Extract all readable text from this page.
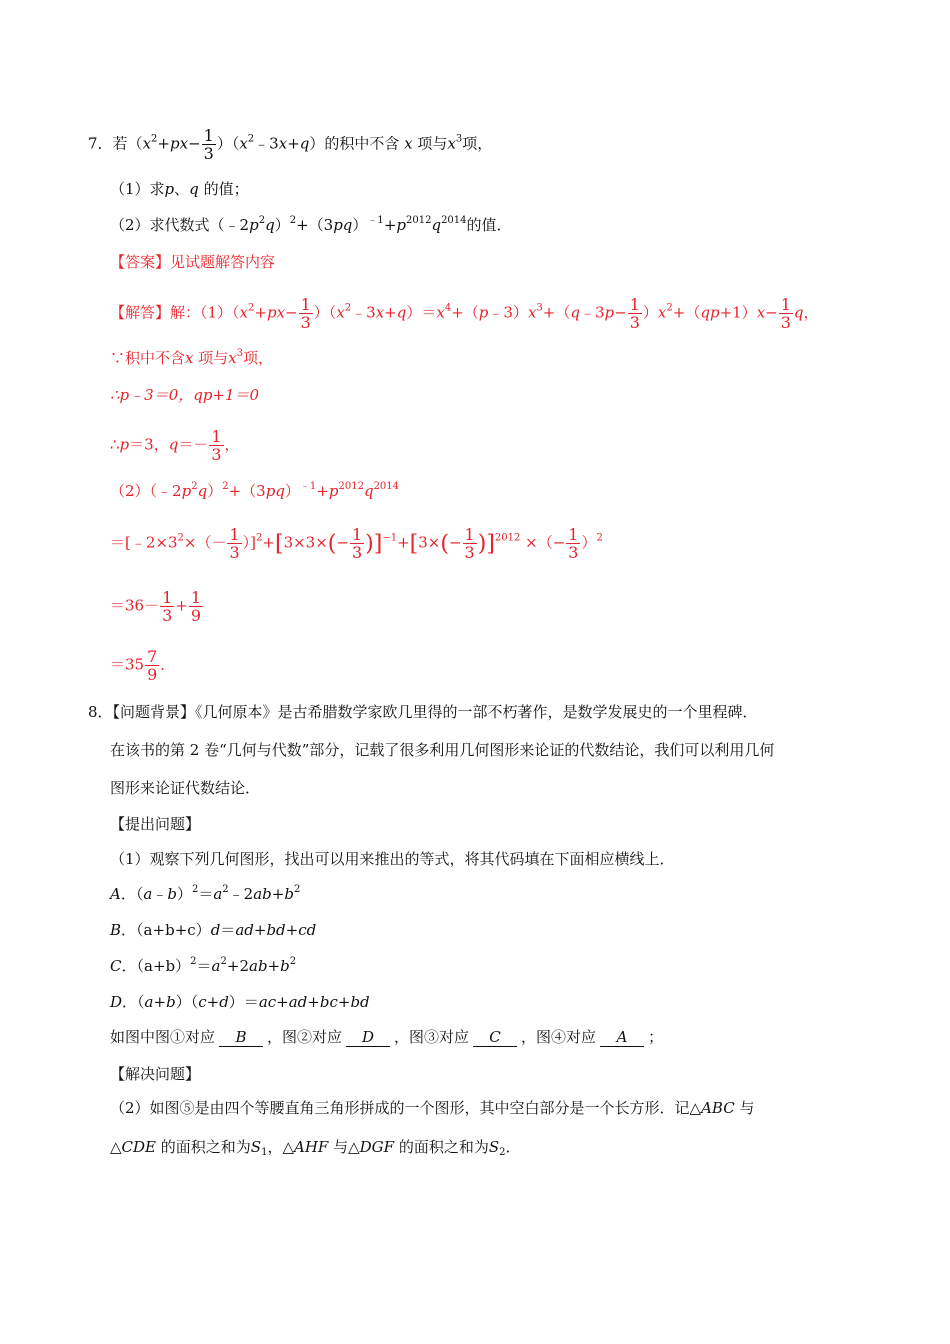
7．若（$x^2+px- \frac{1}{3}$ ）$(x^2﹣3x+q)$的积中不含 x 项与$x^3$项，
（1）求p、q 的值；
（2）求代数式$(﹣2p^2q)^2+(3pq)^{﹣1}+p^{2012}q^{2014}$的值．
【答案】见试题解答内容
【解答】解：$(1)(x^2+px- \frac{1}{3}$ ）$(x^2﹣3x+q)=x^4+(p﹣3)x^3+(q﹣3p- \frac{1}{3} )x^2+(qp+1)x- \frac{1}{3}$ q，
∵积中不含x 项与$x^3$项，
∴p﹣3＝0，qp+1＝0
∴p＝3，$q=- \frac{1}{3}$ ，
$(2)(﹣2p^2q)^2+(3pq)^{﹣1}+p^{2012}q^{2014}$
$=[﹣2\times 3^2\times(- \frac{1}{3} )]^2+[3\times 3\times(- \frac{1}{3} )]^{-1}+[3\times(- \frac{1}{3} )]^{2012}$ ×（− $\frac{1}{3} )^2$
$=36- \frac{1}{3} + \frac{1}{9}$
$=35 \frac{7}{9}$ ．
8．【问题背景】《几何原本》是古希腊数学家欧几里得的一部不朽著作，是数学发展史的一个里程碑．
在该书的第 2 卷“几何与代数”部分，记载了很多利用几何图形来论证的代数结论，我们可以利用几何
图形来论证代数结论．
【提出问题】
（1）观察下列几何图形，找出可以用来推出的等式，将其代码填在下面相应横线上．
A．$(a﹣b)^2=a^2﹣2ab+b^2$
B．（a+b+c）d＝ad+bd+cd
C．$(a+b)^2=a^2+2ab+b^2$
D．（a+b）（c+d）＝ac+ad+bc+bd
如图中图①对应 B ，图②对应 D ，图③对应 C ，图④对应 A ；
【解决问题】
（2）如图⑤是由四个等腰直角三角形拼成的一个图形，其中空白部分是一个长方形．记△ABC 与
△CDE 的面积之和为$S_1$，△AHF 与△DGF 的面积之和为$S_2$．
